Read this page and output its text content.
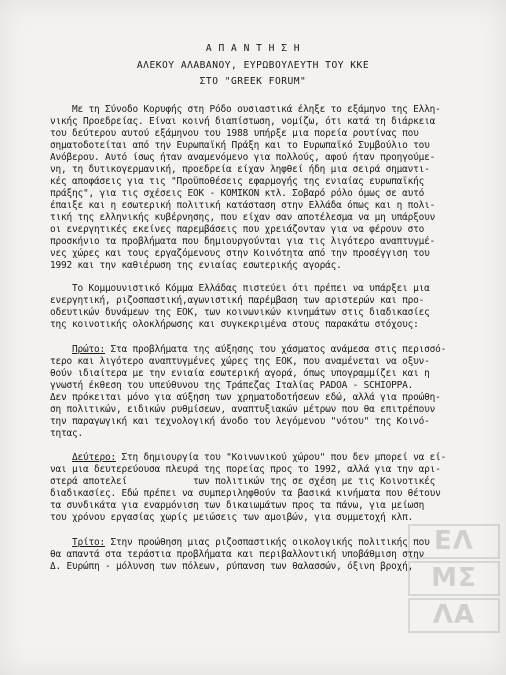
Α Π Α Ν Τ Η Σ Η
ΑΛΕΚΟΥ ΑΛΑΒΑΝΟΥ, ΕΥΡΩΒΟΥΛΕΥΤΗ ΤΟΥ ΚΚΕ
ΣΤΟ "GREEK FORUM"
Με τη Σύνοδο Κορυφής στη Ρόδο ουσιαστικά έληξε το εξάμηνο της Ελλη-
νικής Προεδρείας. Είναι κοινή διαπίστωση, νομίζω, ότι κατά τη διάρκεια
του δεύτερου αυτού εξάμηνου του 1988 υπήρξε μια πορεία ρουτίνας που
σηματοδοτείται από την Ευρωπαϊκή Πράξη και το Ευρωπαϊκό Συμβούλιο του
Ανόβερου. Αυτό ίσως ήταν αναμενόμενο για πολλούς, αφού ήταν προηγούμε-
νη, τη δυτικογερμανική, προεδρεία είχαν ληφθεί ήδη μια σειρά σημαντι-
κές αποφάσεις για τις "Προϋποθέσεις εφαρμογής της ενιαίας ευρωπαϊκής
πράξης", για τις σχέσεις ΕΟΚ - ΚΟΜΙΚΟΝ κτλ. Σοβαρό ρόλο όμως σε αυτό
έπαιξε και η εσωτερική πολιτική κατάσταση στην Ελλάδα όπως και η πολι-
τική της ελληνικής κυβέρνησης, που είχαν σαν αποτέλεσμα να μη υπάρξουν
οι ενεργητικές εκείνες παρεμβάσεις που χρειάζονταν για να φέρουν στο
προσκήνιο τα προβλήματα που δημιουργούνται για τις λιγότερο αναπτυγμέ-
νες χώρες και τους εργαζόμενους στην Κοινότητα από την προσέγγιση του
1992 και την καθιέρωση της ενιαίας εσωτερικής αγοράς.
Το Κομμουνιστικό Κόμμα Ελλάδας πιστεύει ότι πρέπει να υπάρξει μια
ενεργητική, ριζοσπαστική,αγωνιστική παρέμβαση των αριστερών και προ-
οδευτικών δυνάμεων της ΕΟΚ, των κοινωνικών κινημάτων στις διαδικασίες
της κοινοτικής ολοκλήρωσης και συγκεκριμένα στους παρακάτω στόχους:
Πρώτο: Στα προβλήματα της αύξησης του χάσματος ανάμεσα στις περισσό-
τερο και λιγότερο αναπτυγμένες χώρες της ΕΟΚ, που αναμένεται να οξυν-
θούν ιδιαίτερα με την ενιαία εσωτερική αγορά, όπως υπογραμμίζει και η
γνωστή έκθεση του υπεύθυνου της Τράπεζας Ιταλίας PADOA - SCHIOPPA.
Δεν πρόκειται μόνο για αύξηση των χρηματοδοτήσεων εδώ, αλλά για προώθη-
ση πολιτικών, ειδικών ρυθμίσεων, αναπτυξιακών μέτρων που θα επιτρέπουν
την παραγωγική και τεχνολογική άνοδο του λεγόμενου "νότου" της Κοινό-
τητας.
Δεύτερο: Στη δημιουργία του "Κοινωνικού χώρου" που δεν μπορεί να εί-
ναι μια δευτερεύουσα πλευρά της πορείας προς το 1992, αλλά για την αρι-
στερά αποτελεί            των πολιτικών της σε σχέση με τις Κοινοτικές
διαδικασίες. Εδώ πρέπει να συμπεριληφθούν τα βασικά κινήματα που θέτουν
τα συνδικάτα για εναρμόνιση των δικαιωμάτων προς τα πάνω, για μείωση
του χρόνου εργασίας χωρίς μειώσεις των αμοιβών, για συμμετοχή κλπ.
Τρίτο: Στην προώθηση μιας ριζοσπαστικής οικολογικής πολιτικής που
θα απαντά στα τεράστια προβλήματα και περιβαλλοντική υποβάθμιση στην
Δ. Ευρώπη - μόλυνση των πόλεων, ρύπανση των θαλασσών, όξινη βροχή,
ΕΛ
ΜΣ
ΛΑ
